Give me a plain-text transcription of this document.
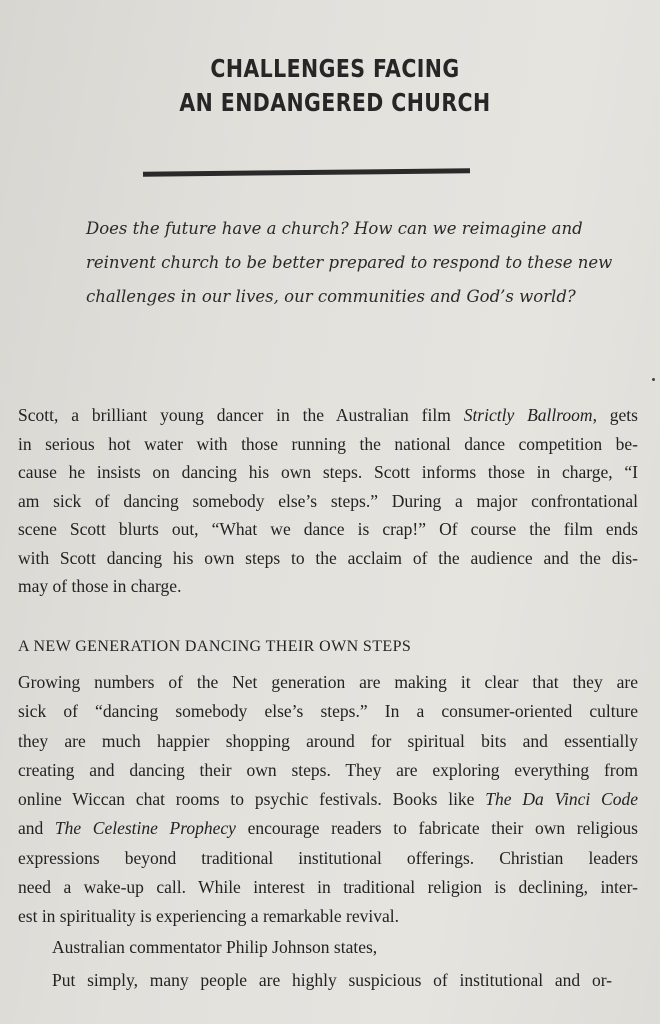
CHALLENGES FACING
AN ENDANGERED CHURCH
Does the future have a church? How can we reimagine and
reinvent church to be better prepared to respond to these new
challenges in our lives, our communities and God’s world?
Scott, a brilliant young dancer in the Australian film Strictly Ballroom, gets
in serious hot water with those running the national dance competition be-
cause he insists on dancing his own steps. Scott informs those in charge, “I
am sick of dancing somebody else’s steps.” During a major confrontational
scene Scott blurts out, “What we dance is crap!” Of course the film ends
with Scott dancing his own steps to the acclaim of the audience and the dis-
may of those in charge.
A NEW GENERATION DANCING THEIR OWN STEPS
Growing numbers of the Net generation are making it clear that they are
sick of “dancing somebody else’s steps.” In a consumer-oriented culture
they are much happier shopping around for spiritual bits and essentially
creating and dancing their own steps. They are exploring everything from
online Wiccan chat rooms to psychic festivals. Books like The Da Vinci Code
and The Celestine Prophecy encourage readers to fabricate their own religious
expressions beyond traditional institutional offerings. Christian leaders
need a wake-up call. While interest in traditional religion is declining, inter-
est in spirituality is experiencing a remarkable revival.
Australian commentator Philip Johnson states,
Put simply, many people are highly suspicious of institutional and or-
